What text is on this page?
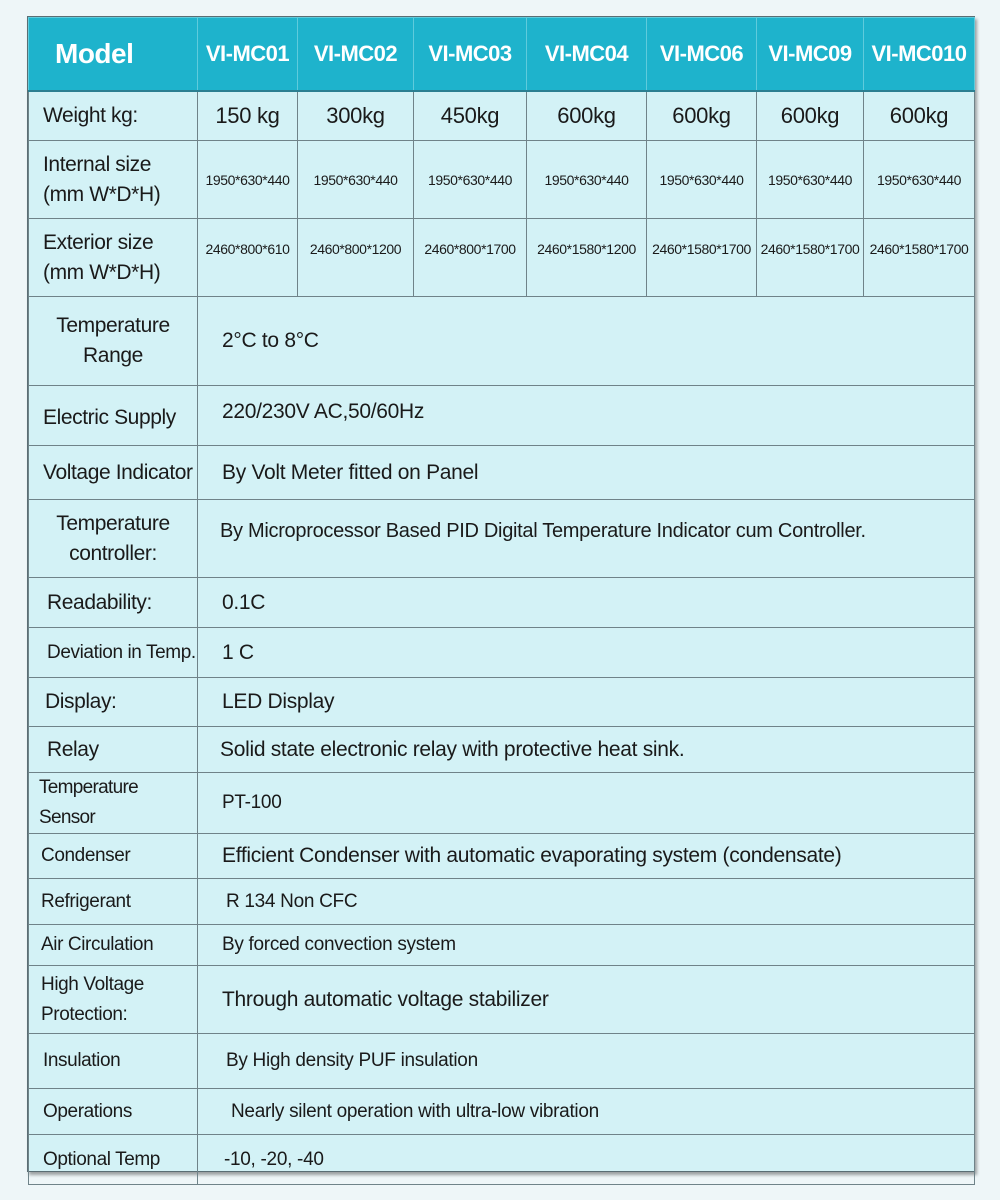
Model	VI-MC01	VI-MC02	VI-MC03	VI-MC04	VI-MC06	VI-MC09	VI-MC010
Weight kg:	150 kg	300kg	450kg	600kg	600kg	600kg	600kg

Internal size
(mm W*D*H)	1950*630*440	1950*630*440	1950*630*440	1950*630*440	1950*630*440	1950*630*440	1950*630*440

Exterior size
(mm W*D*H)	2460*800*610	2460*800*1200	2460*800*1700	2460*1580*1200	2460*1580*1700	2460*1580*1700	2460*1580*1700

Temperature
Range	2°C to 8°C						
Electric Supply	220/230V AC,50/60Hz						
Voltage Indicator	By Volt Meter fitted on Panel						

Temperature
controller:	By Microprocessor Based PID Digital Temperature Indicator cum Controller.						
Readability:	0.1C						
Deviation in Temp.	1 C						
Display:	LED Display						
Relay	Solid state electronic relay with protective heat sink.						
Temperature Sensor	PT-100						
Condenser	Efficient Condenser with automatic evaporating system (condensate)						
Refrigerant	R 134 Non CFC						
Air Circulation	By forced convection system						

High Voltage
Protection:	Through automatic voltage stabilizer						
Insulation	By High density PUF insulation						
Operations	Nearly silent operation with ultra-low vibration						
Optional Temp	-10, -20, -40						
